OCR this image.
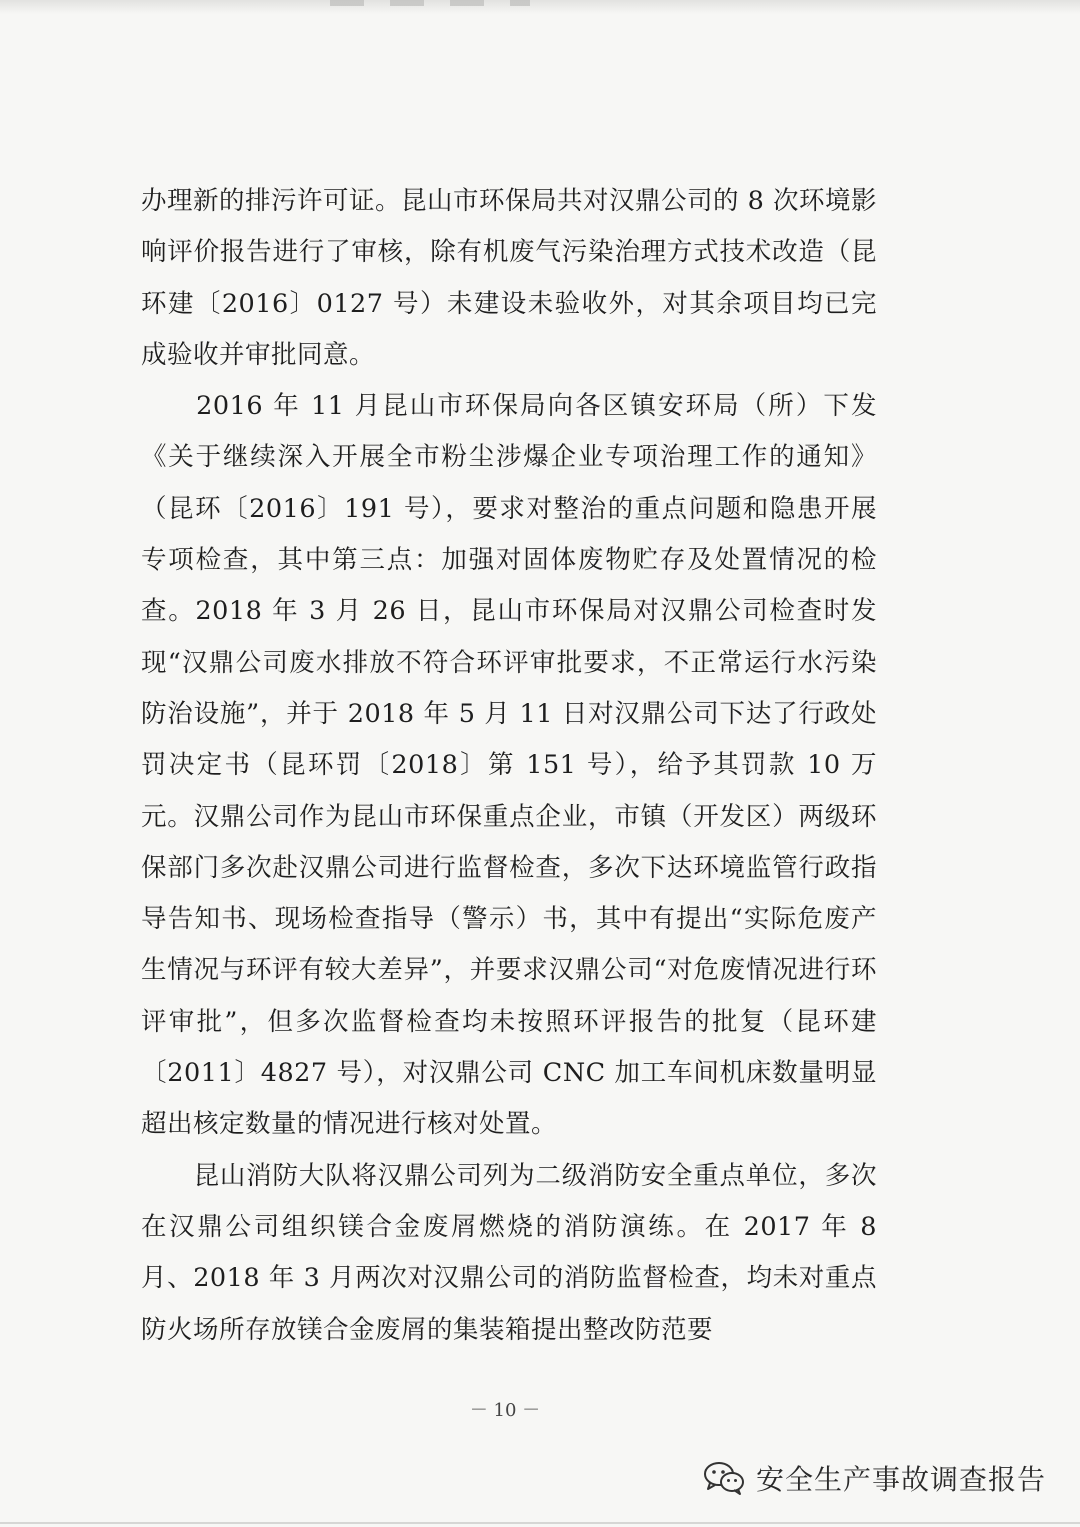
办理新的排污许可证。昆山市环保局共对汉鼎公司的 8 次环境影响评价报告进行了审核，除有机废气污染治理方式技术改造（昆环建〔2016〕0127 号）未建设未验收外，对其余项目均已完成验收并审批同意。

　　2016 年 11 月昆山市环保局向各区镇安环局（所）下发《关于继续深入开展全市粉尘涉爆企业专项治理工作的通知》（昆环〔2016〕191 号），要求对整治的重点问题和隐患开展专项检查，其中第三点：加强对固体废物贮存及处置情况的检查。2018 年 3 月 26 日，昆山市环保局对汉鼎公司检查时发现“汉鼎公司废水排放不符合环评审批要求，不正常运行水污染防治设施”，并于 2018 年 5 月 11 日对汉鼎公司下达了行政处罚决定书（昆环罚〔2018〕第 151 号），给予其罚款 10 万元。汉鼎公司作为昆山市环保重点企业，市镇（开发区）两级环保部门多次赴汉鼎公司进行监督检查，多次下达环境监管行政指导告知书、现场检查指导（警示）书，其中有提出“实际危废产生情况与环评有较大差异”，并要求汉鼎公司“对危废情况进行环评审批”，但多次监督检查均未按照环评报告的批复（昆环建〔2011〕4827 号），对汉鼎公司 CNC 加工车间机床数量明显超出核定数量的情况进行核对处置。

　　昆山消防大队将汉鼎公司列为二级消防安全重点单位，多次在汉鼎公司组织镁合金废屑燃烧的消防演练。在 2017 年 8 月、2018 年 3 月两次对汉鼎公司的消防监督检查，均未对重点防火场所存放镁合金废屑的集装箱提出整改防范要

－ 10 －
安全生产事故调查报告
